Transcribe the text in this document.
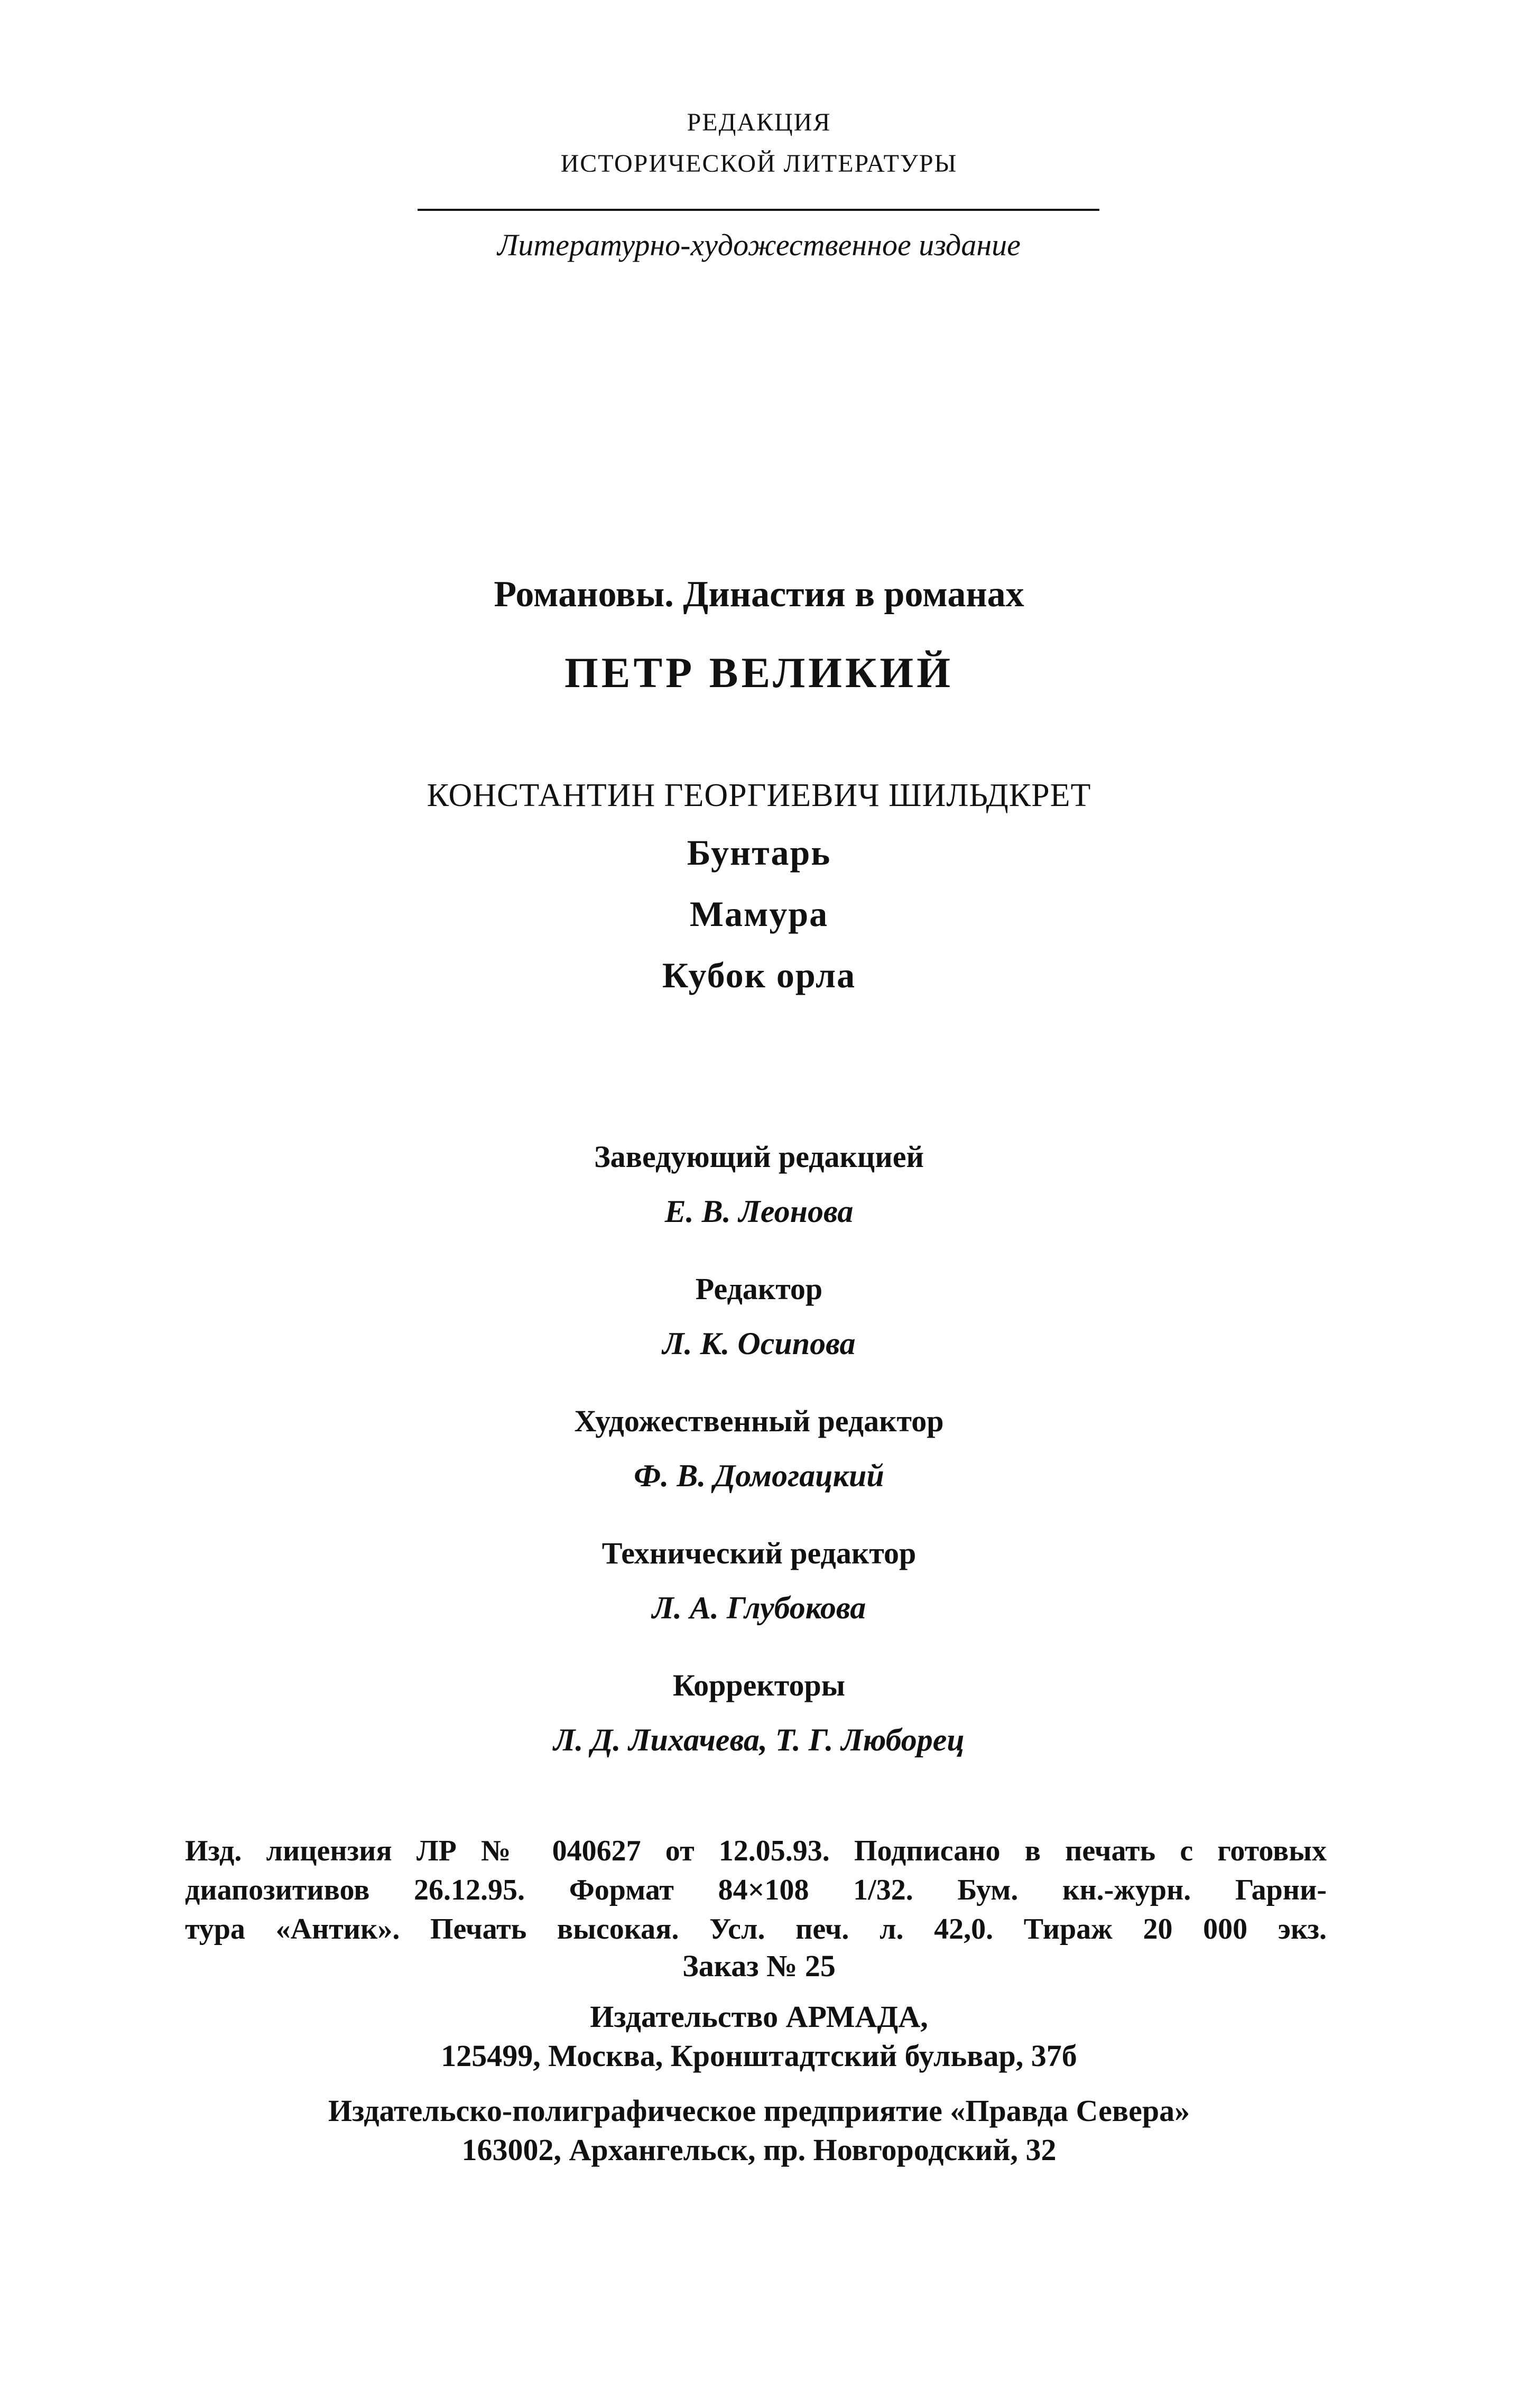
РЕДАКЦИЯ
ИСТОРИЧЕСКОЙ ЛИТЕРАТУРЫ
Литературно-художественное издание
Романовы. Династия в романах
ПЕТР ВЕЛИКИЙ
КОНСТАНТИН ГЕОРГИЕВИЧ ШИЛЬДКРЕТ
Бунтарь
Мамура
Кубок орла
Заведующий редакцией
Е. В. Леонова
Редактор
Л. К. Осипова
Художественный редактор
Ф. В. Домогацкий
Технический редактор
Л. А. Глубокова
Корректоры
Л. Д. Лихачева, Т. Г. Люборец
Изд. лицензия ЛР № 040627 от 12.05.93. Подписано в печать с готовых
диапозитивов 26.12.95. Формат 84×108 1/32. Бум. кн.-журн. Гарни-
тура «Антик». Печать высокая. Усл. печ. л. 42,0. Тираж 20 000 экз.
Заказ № 25
Издательство АРМАДА,
125499, Москва, Кронштадтский бульвар, 37б
Издательско-полиграфическое предприятие «Правда Севера»
163002, Архангельск, пр. Новгородский, 32
